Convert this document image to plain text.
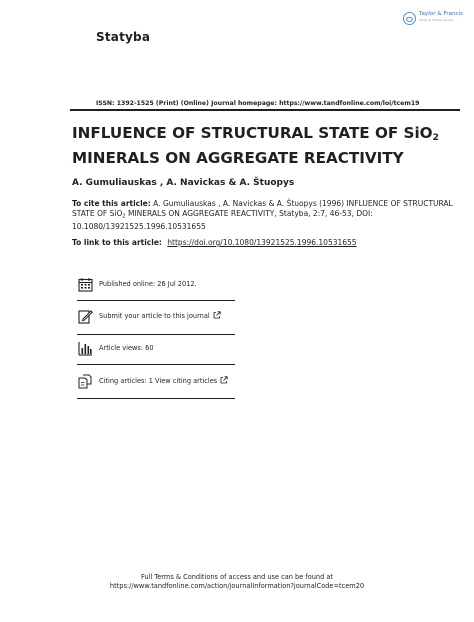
Statyba
Taylor & Francis
Taylor & Francis Group
ISSN: 1392-1525 (Print) (Online) Journal homepage: https://www.tandfonline.com/loi/tcem19
INFLUENCE OF STRUCTURAL STATE OF SiO$_2$
MINERALS ON AGGREGATE REACTIVITY
A. Gumuliauskas , A. Navickas & A. Štuopys
To cite this article: A. Gumuliauskas , A. Navickas & A. Štuopys (1996) INFLUENCE OF STRUCTURAL STATE OF SiO$_2$ MINERALS ON AGGREGATE REACTIVITY, Statyba, 2:7, 46-53, DOI: 10.1080/13921525.1996.10531655
To link to this article: https://doi.org/10.1080/13921525.1996.10531655
Published online: 26 Jul 2012.
Submit your article to this journal
Article views: 60
Citing articles: 1 View citing articles
Full Terms & Conditions of access and use can be found at
https://www.tandfonline.com/action/journalInformation?journalCode=tcem20
